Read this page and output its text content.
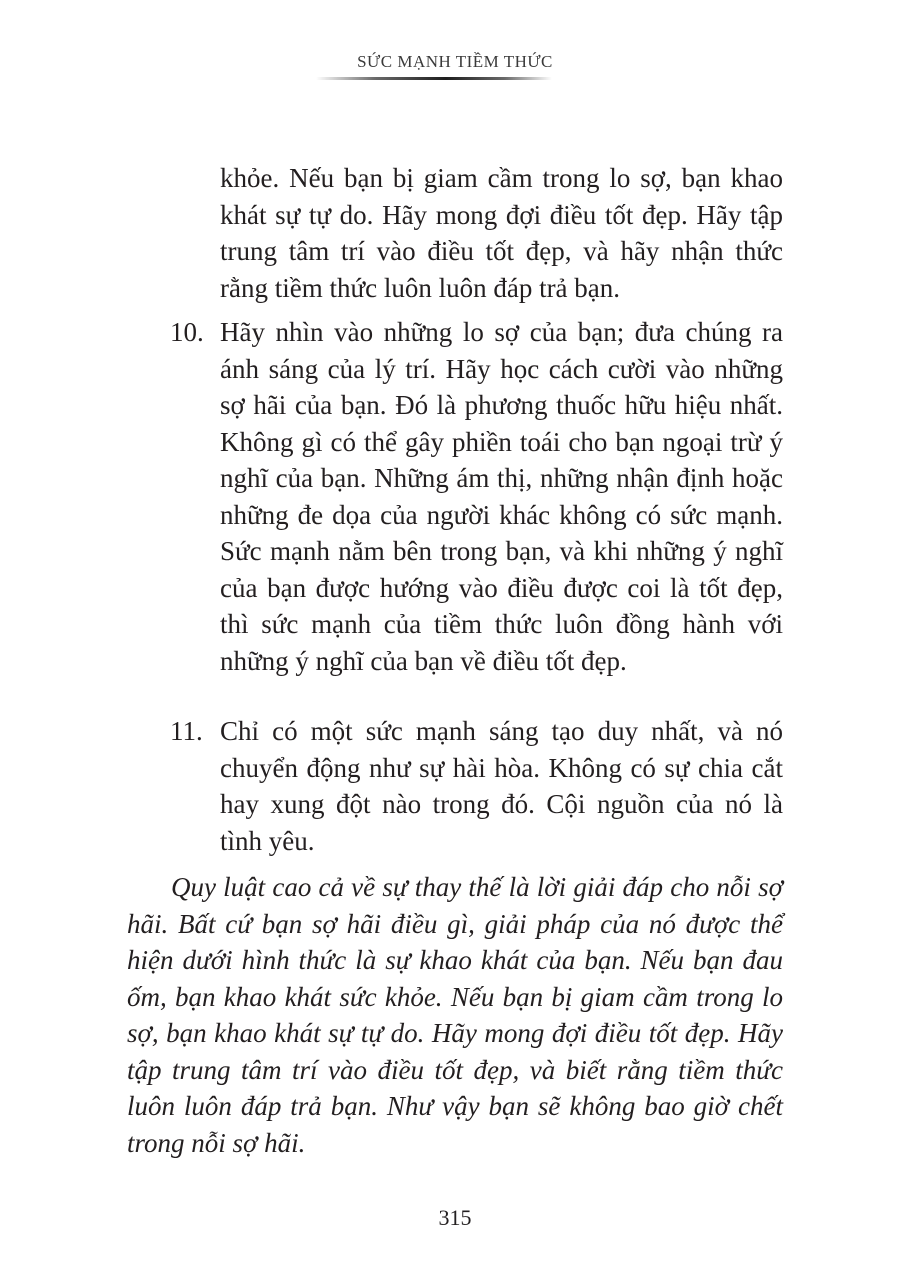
SỨC MẠNH TIỀM THỨC

khỏe. Nếu bạn bị giam cầm trong lo sợ, bạn khao khát sự tự do. Hãy mong đợi điều tốt đẹp. Hãy tập trung tâm trí vào điều tốt đẹp, và hãy nhận thức rằng tiềm thức luôn luôn đáp trả bạn.

10. Hãy nhìn vào những lo sợ của bạn; đưa chúng ra ánh sáng của lý trí. Hãy học cách cười vào những sợ hãi của bạn. Đó là phương thuốc hữu hiệu nhất. Không gì có thể gây phiền toái cho bạn ngoại trừ ý nghĩ của bạn. Những ám thị, những nhận định hoặc những đe dọa của người khác không có sức mạnh. Sức mạnh nằm bên trong bạn, và khi những ý nghĩ của bạn được hướng vào điều được coi là tốt đẹp, thì sức mạnh của tiềm thức luôn đồng hành với những ý nghĩ của bạn về điều tốt đẹp.

11. Chỉ có một sức mạnh sáng tạo duy nhất, và nó chuyển động như sự hài hòa. Không có sự chia cắt hay xung đột nào trong đó. Cội nguồn của nó là tình yêu.

Quy luật cao cả về sự thay thế là lời giải đáp cho nỗi sợ hãi. Bất cứ bạn sợ hãi điều gì, giải pháp của nó được thể hiện dưới hình thức là sự khao khát của bạn. Nếu bạn đau ốm, bạn khao khát sức khỏe. Nếu bạn bị giam cầm trong lo sợ, bạn khao khát sự tự do. Hãy mong đợi điều tốt đẹp. Hãy tập trung tâm trí vào điều tốt đẹp, và biết rằng tiềm thức luôn luôn đáp trả bạn. Như vậy bạn sẽ không bao giờ chết trong nỗi sợ hãi.

315
